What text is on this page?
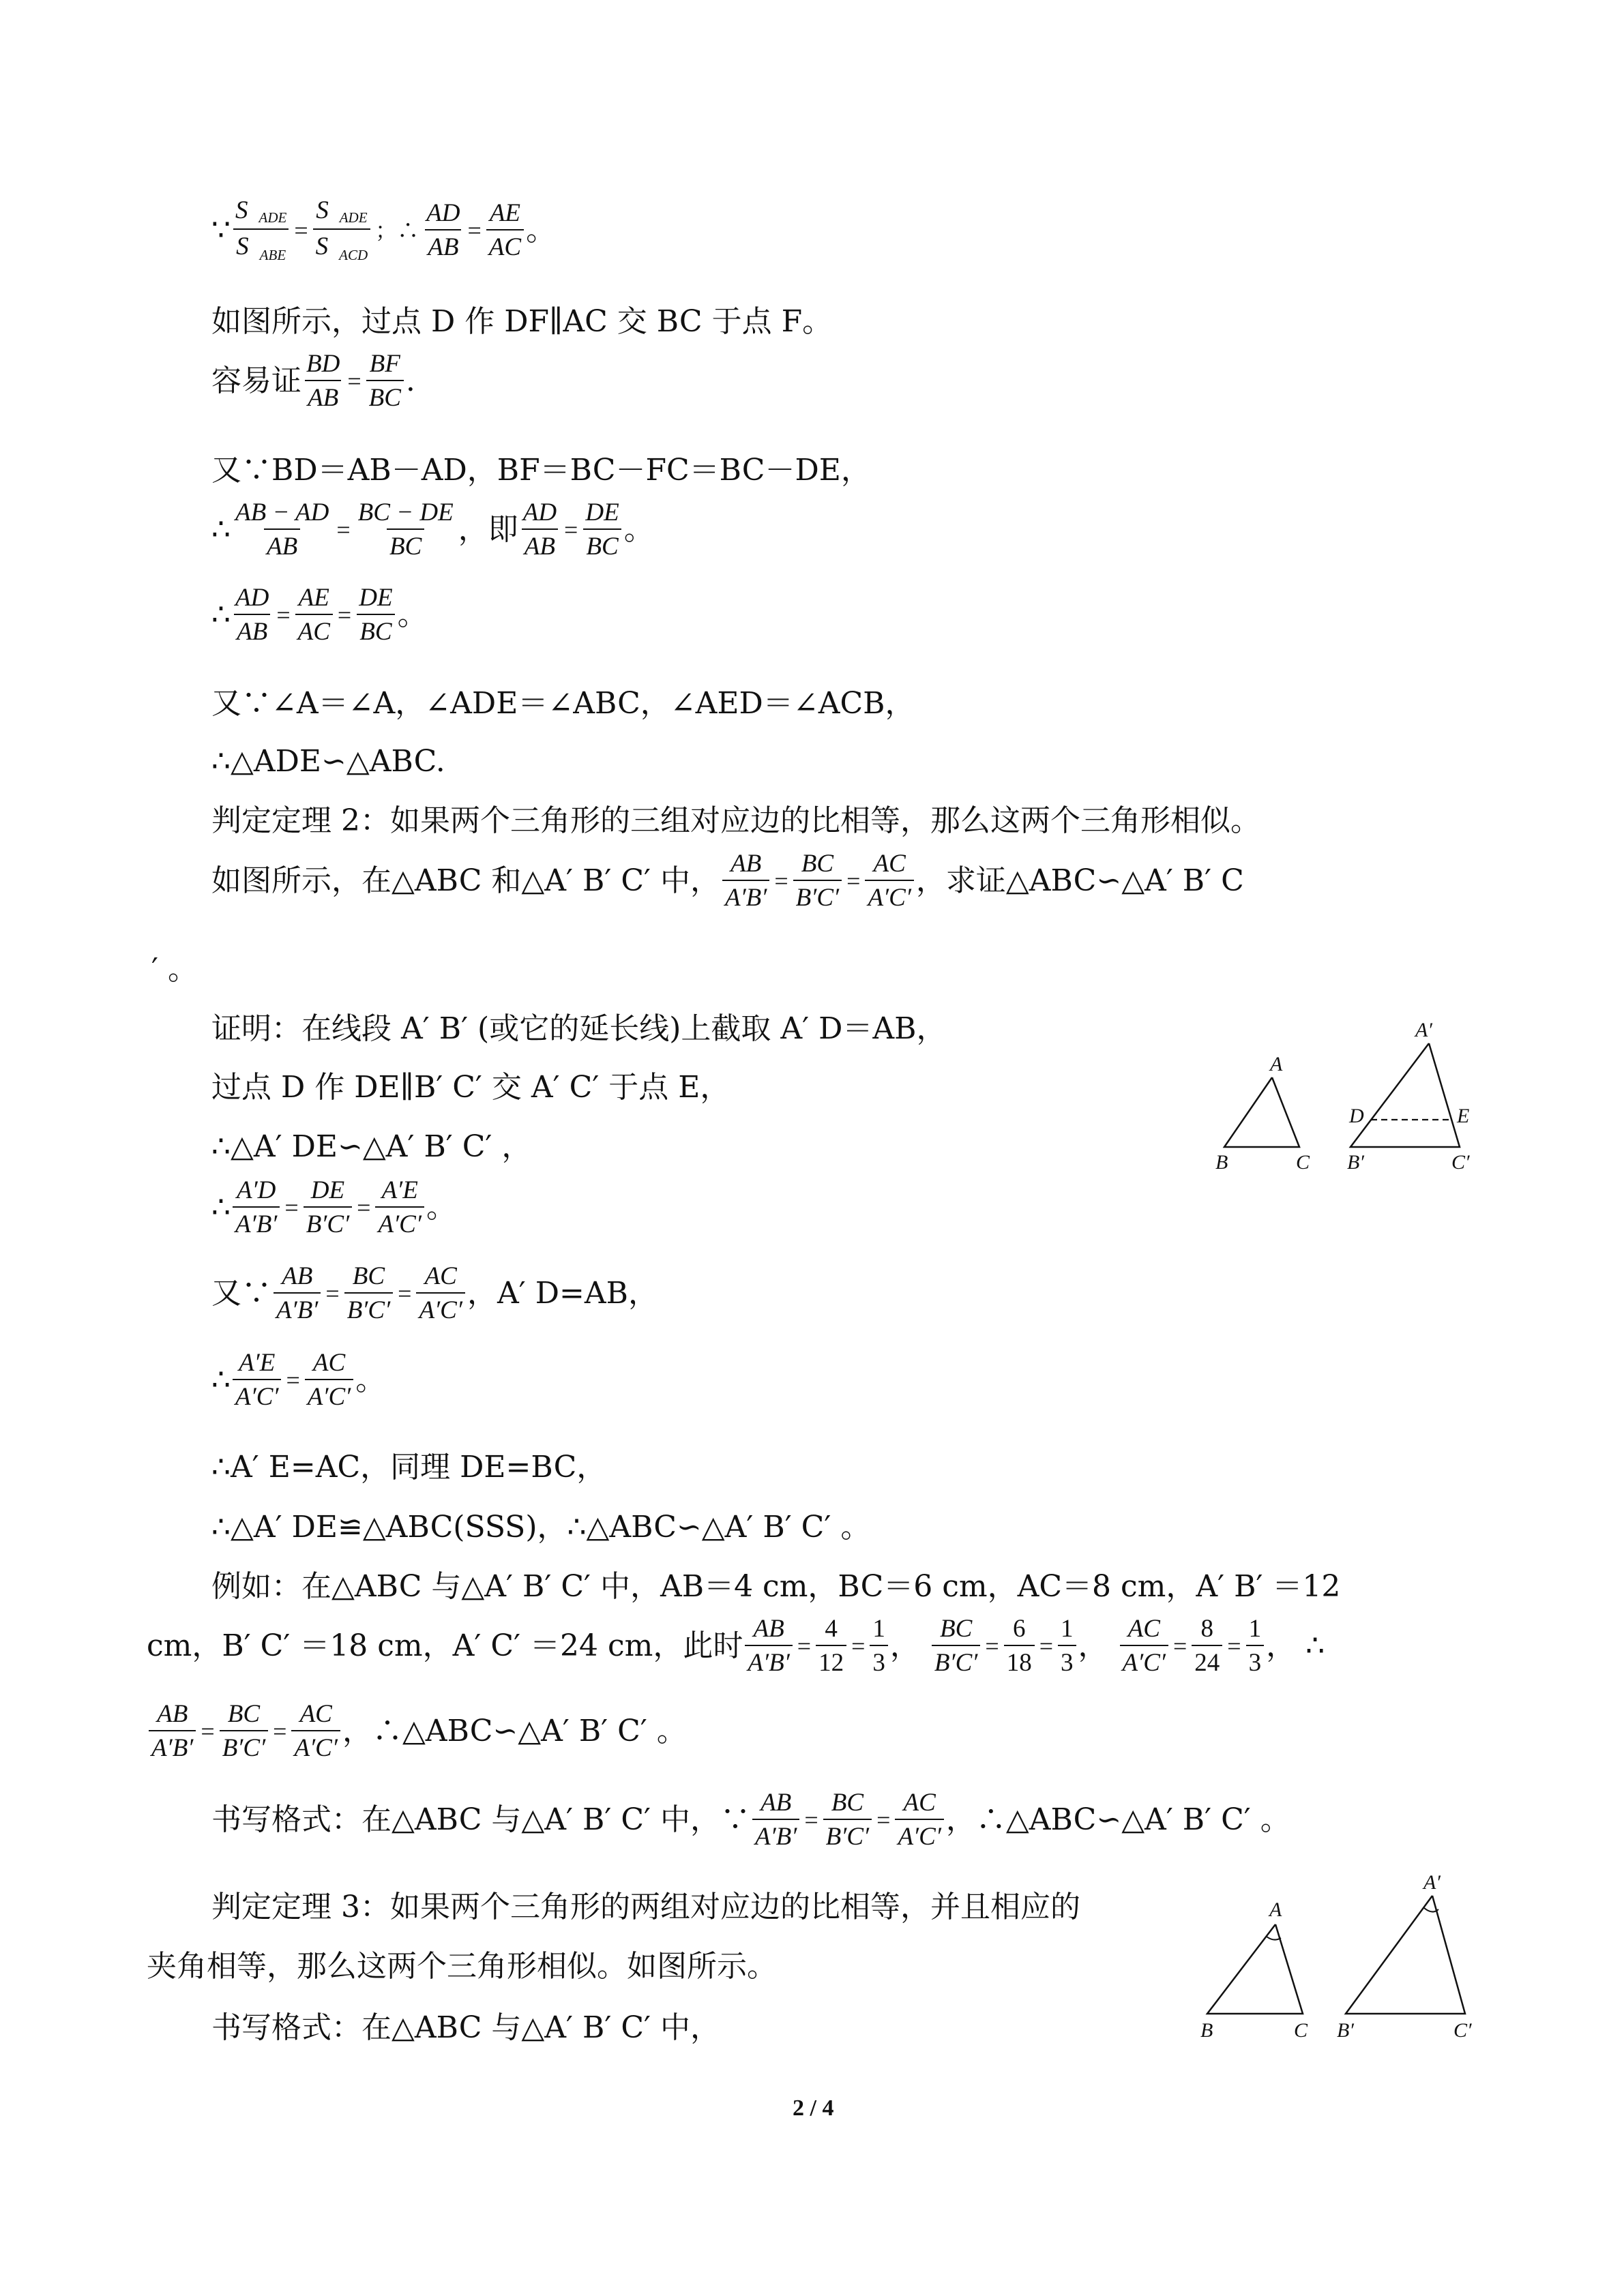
∵ $\frac{S _{ADE}}{S _{ABE}} = \frac{S _{ADE}}{S _{ACD}}$ ；∴ $\frac{AD}{AB} = \frac{AE}{AC}$ 。
如图所示，过点 D 作 DF∥AC 交 BC 于点 F。
容易证 $\frac{BD}{AB} = \frac{BF}{BC}$ .
又∵BD＝AB－AD，BF＝BC－FC＝BC－DE，
∴ $\frac{AB - AD}{AB} = \frac{BC - DE}{BC}$ ，即 $\frac{AD}{AB} = \frac{DE}{BC}$ 。
∴ $\frac{AD}{AB} = \frac{AE}{AC} = \frac{DE}{BC}$ 。
又∵∠A＝∠A，∠ADE＝∠ABC，∠AED＝∠ACB，
∴△ADE∽△ABC.
判定定理 2：如果两个三角形的三组对应边的比相等，那么这两个三角形相似。
如图所示，在△ABC 和△A′ B′ C′ 中， $\frac{AB}{A'B'} = \frac{BC}{B'C'} = \frac{AC}{A'C'}$ ，求证△ABC∽△A′ B′ C
′ 。
证明：在线段 A′ B′ (或它的延长线)上截取 A′ D＝AB，
过点 D 作 DE∥B′ C′ 交 A′ C′ 于点 E，
∴△A′ DE∽△A′ B′ C′ ，
∴ $\frac{A'D}{A'B'} = \frac{DE}{B'C'} = \frac{A'E}{A'C'}$ 。
又∵ $\frac{AB}{A'B'} = \frac{BC}{B'C'} = \frac{AC}{A'C'}$ ，A′ D=AB，
∴ $\frac{A'E}{A'C'} = \frac{AC}{A'C'}$ 。
∴A′ E=AC，同理 DE=BC，
∴△A′ DE≌△ABC(SSS)，∴△ABC∽△A′ B′ C′ 。
例如：在△ABC 与△A′ B′ C′ 中，AB＝4 cm，BC＝6 cm，AC＝8 cm，A′ B′ ＝12
cm，B′ C′ ＝18 cm，A′ C′ ＝24 cm，此时 $\frac{AB}{A'B'} = \frac{4}{12} = \frac{1}{3}$ ， $\frac{BC}{B'C'} = \frac{6}{18} = \frac{1}{3}$ ， $\frac{AC}{A'C'} = \frac{8}{24} = \frac{1}{3}$ ， ∴
$\frac{AB}{A'B'} = \frac{BC}{B'C'} = \frac{AC}{A'C'}$ ，∴△ABC∽△A′ B′ C′ 。
书写格式：在△ABC 与△A′ B′ C′ 中，∵ $\frac{AB}{A'B'} = \frac{BC}{B'C'} = \frac{AC}{A'C'}$ ，∴△ABC∽△A′ B′ C′ 。
判定定理 3：如果两个三角形的两组对应边的比相等，并且相应的
夹角相等，那么这两个三角形相似。如图所示。
书写格式：在△ABC 与△A′ B′ C′ 中，
A
B	C
A′
D	E
B′	C′
A
B	C
A′
B′	C′
2 / 4
